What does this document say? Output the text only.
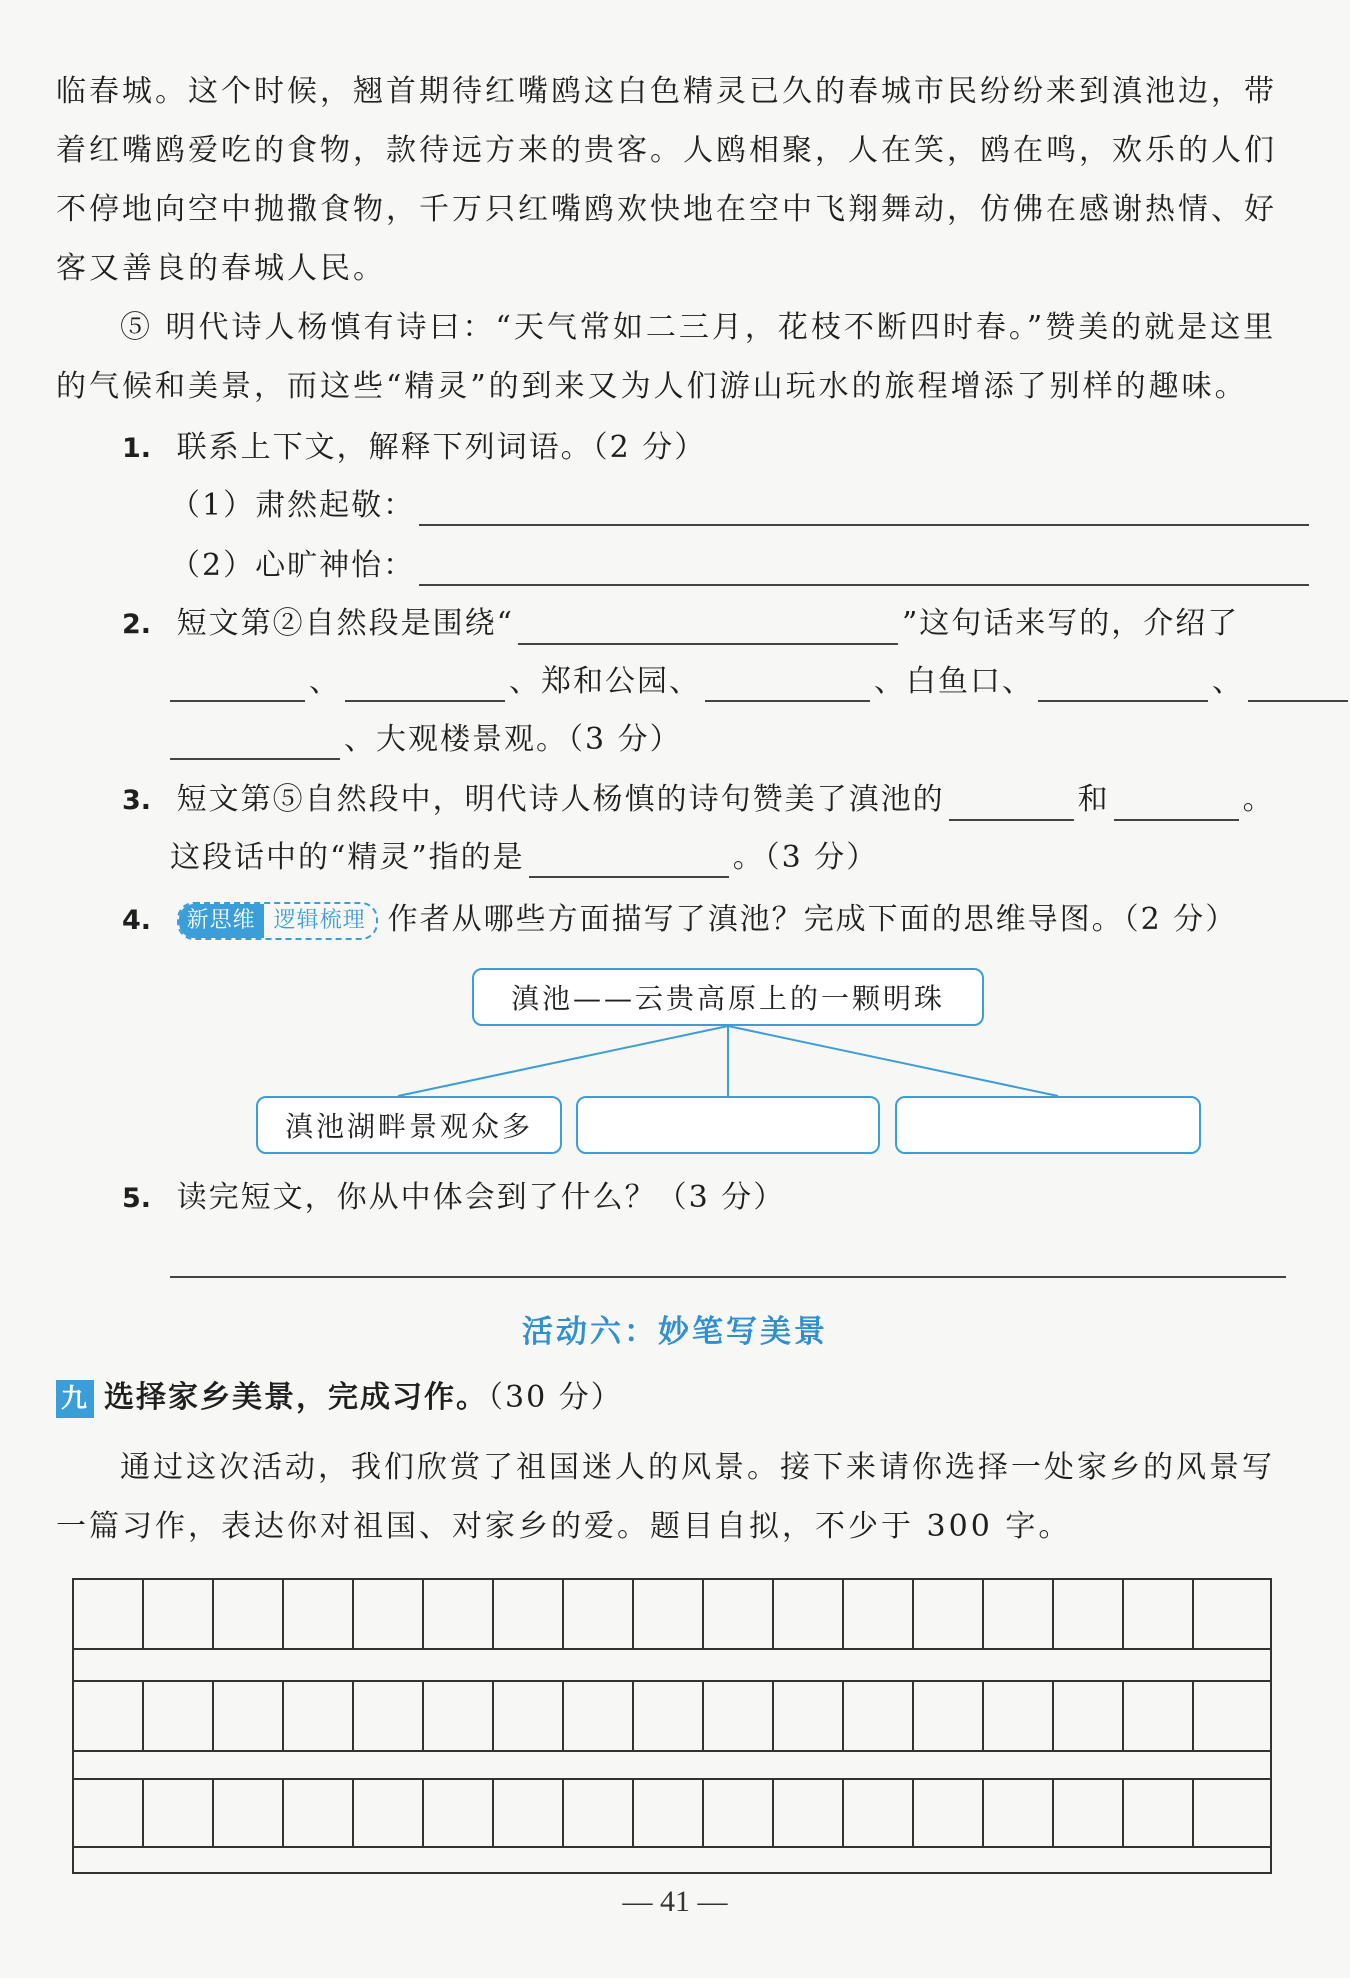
临春城。这个时候，翘首期待红嘴鸥这白色精灵已久的春城市民纷纷来到滇池边，带着红嘴鸥爱吃的食物，款待远方来的贵客。人鸥相聚，人在笑，鸥在鸣，欢乐的人们不停地向空中抛撒食物，千万只红嘴鸥欢快地在空中飞翔舞动，仿佛在感谢热情、好客又善良的春城人民。

⑤ 明代诗人杨慎有诗曰：“天气常如二三月，花枝不断四时春。”赞美的就是这里的气候和美景，而这些“精灵”的到来又为人们游山玩水的旅程增添了别样的趣味。

1. 联系上下文，解释下列词语。（2 分）
（1）肃然起敬：
（2）心旷神怡：
2. 短文第②自然段是围绕“	”这句话来写的，介绍了
、	、郑和公园、	、白鱼口、	、
、大观楼景观。（3 分）
3. 短文第⑤自然段中，明代诗人杨慎的诗句赞美了滇池的	和	。
这段话中的“精灵”指的是	。（3 分）
4.	新思维 逻辑梳理 作者从哪些方面描写了滇池？完成下面的思维导图。（2 分）
滇池——云贵高原上的一颗明珠
滇池湖畔景观众多
5. 读完短文，你从中体会到了什么？（3 分）
活动六：妙笔写美景
九 选择家乡美景，完成习作。（30 分）

通过这次活动，我们欣赏了祖国迷人的风景。接下来请你选择一处家乡的风景写一篇习作，表达你对祖国、对家乡的爱。题目自拟，不少于 300 字。

— 41 —
